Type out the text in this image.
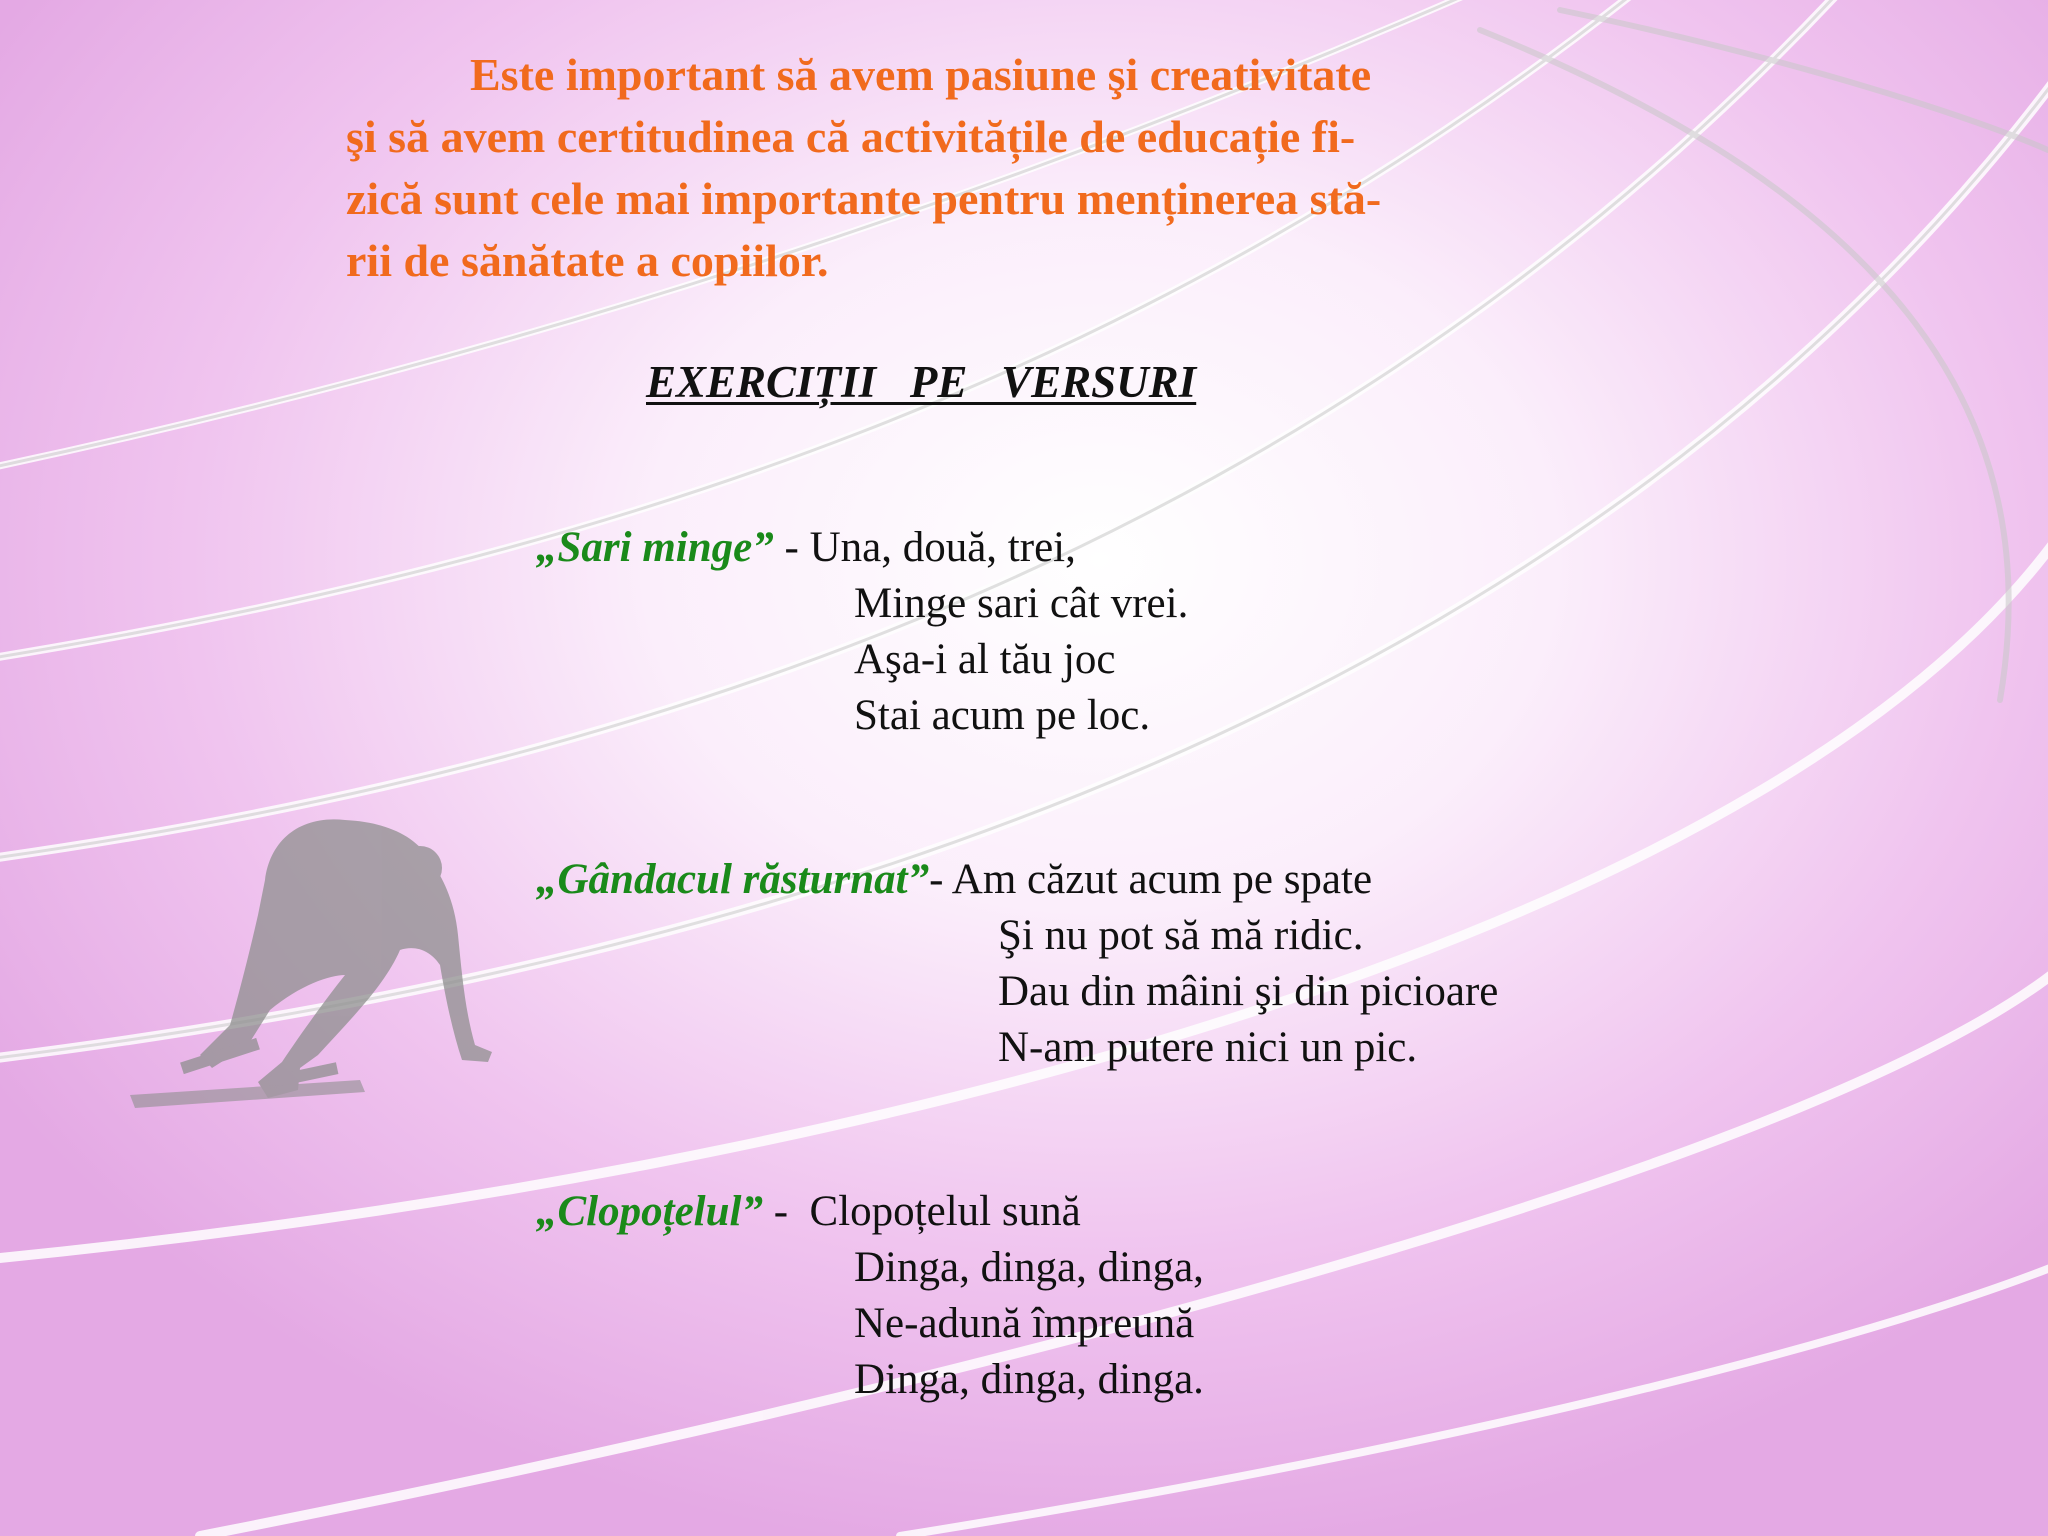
Este important să avem pasiune şi creativitate
şi să avem certitudinea că activitățile de educație fi-
zică sunt cele mai importante pentru menținerea stă-
rii de sănătate a copiilor.

EXERCIȚII   PE   VERSURI
„Sari minge” - Una, două, trei,
Minge sari cât vrei.
Aşa-i al tău joc
Stai acum pe loc.
„Gândacul răsturnat”- Am căzut acum pe spate
Şi nu pot să mă ridic.
Dau din mâini şi din picioare
N-am putere nici un pic.
„Clopoțelul” -  Clopoțelul sună
Dinga, dinga, dinga,
Ne-adună împreună
Dinga, dinga, dinga.
